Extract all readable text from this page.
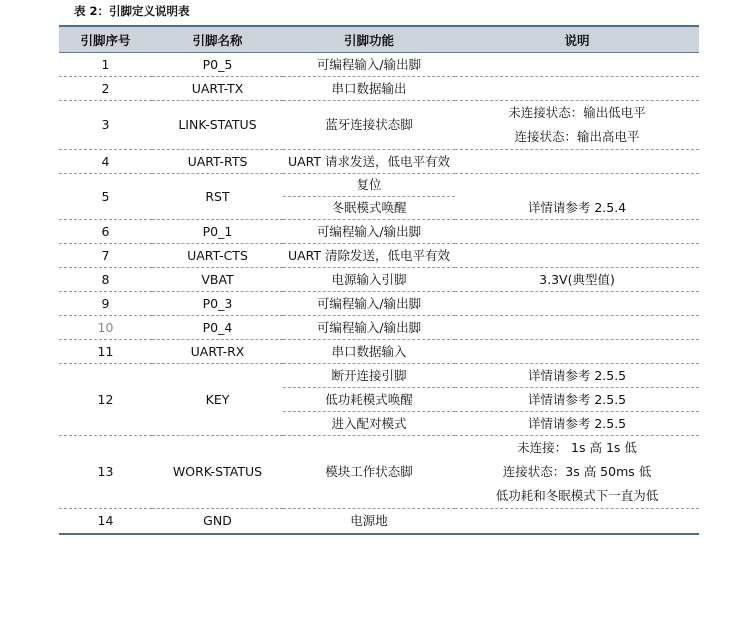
表 2：引脚定义说明表
引脚序号	引脚名称	引脚功能	说明
1	P0_5	可编程输入/输出脚	
2	UART-TX	串口数据输出	
3	LINK-STATUS	蓝牙连接状态脚	未连接状态：输出低电平
连接状态：输出高电平

4	UART-RTS	UART 请求发送，低电平有效	
5	RST	复位	
		冬眠模式唤醒	详情请参考 2.5.4
6	P0_1	可编程输入/输出脚	
7	UART-CTS	UART 清除发送，低电平有效	
8	VBAT	电源输入引脚	3.3V(典型值)
9	P0_3	可编程输入/输出脚	
10	P0_4	可编程输入/输出脚	
11	UART-RX	串口数据输入	
12	KEY	断开连接引脚	详情请参考 2.5.5
		低功耗模式唤醒	详情请参考 2.5.5
		进入配对模式	详情请参考 2.5.5
13	WORK-STATUS	模块工作状态脚	未连接： 1s 高 1s 低
连接状态：3s 高 50ms 低
低功耗和冬眠模式下一直为低

14	GND	电源地	
